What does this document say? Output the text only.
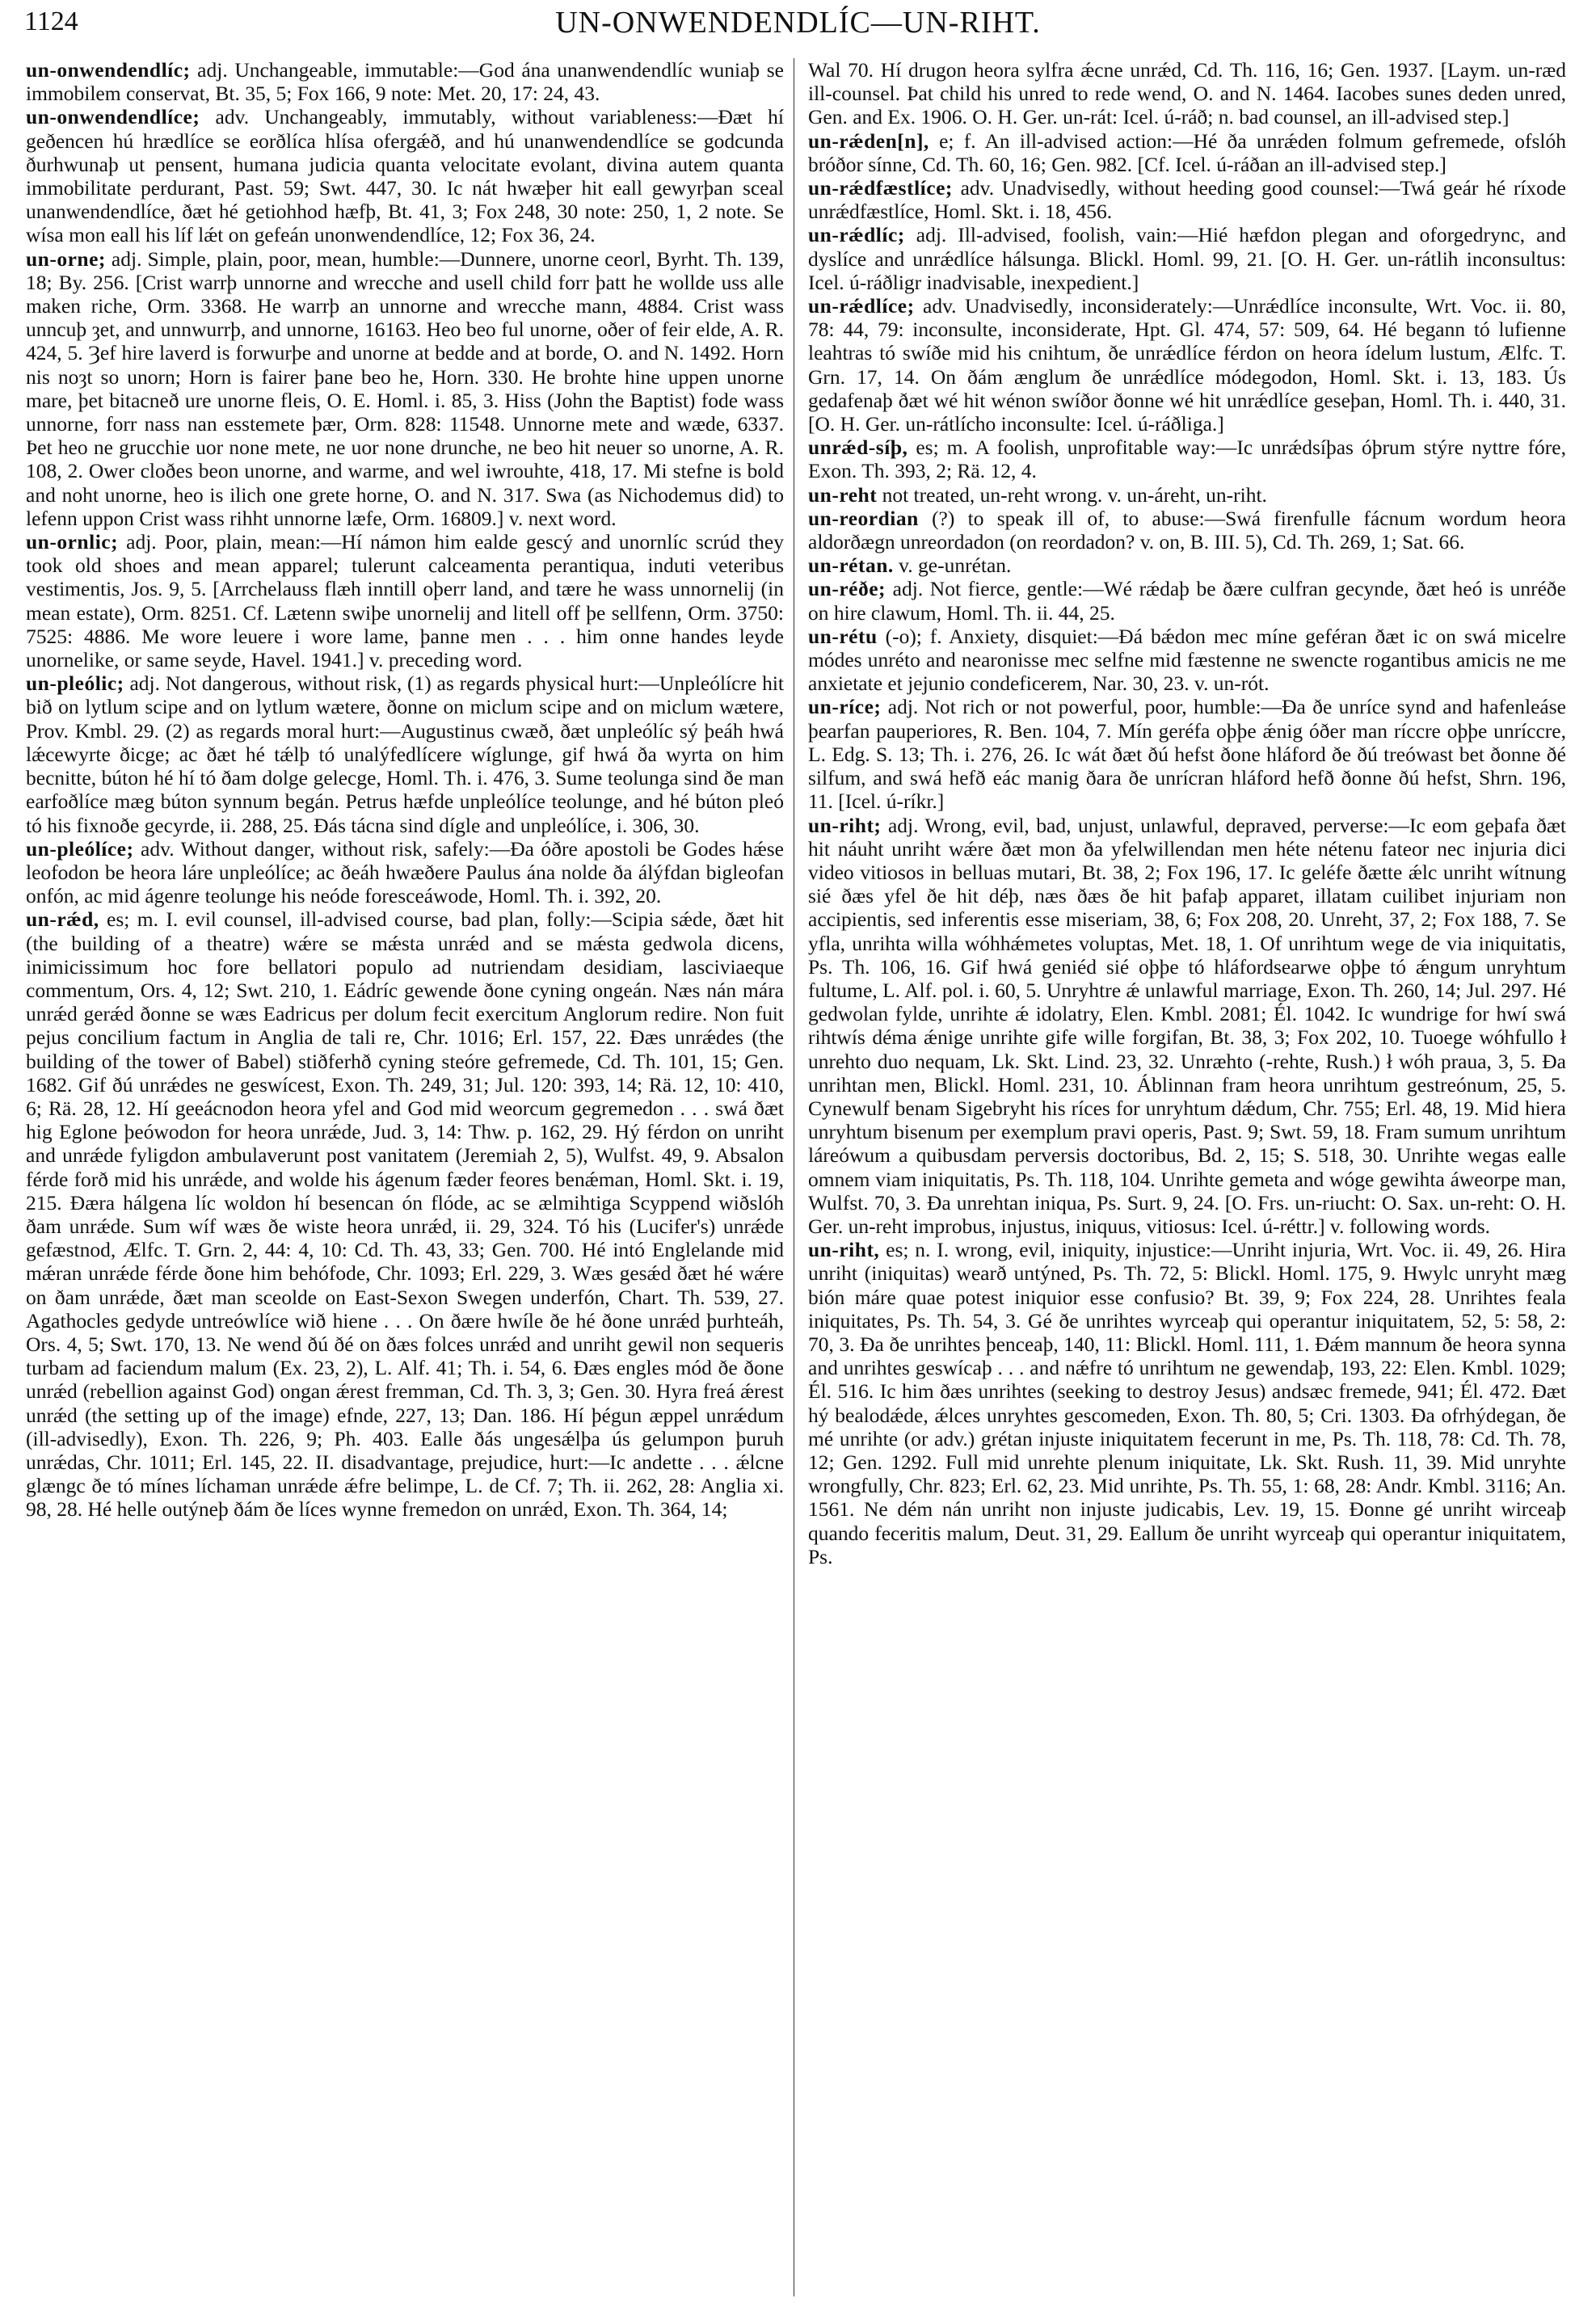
1124	UN-ONWENDENDLÍC—UN-RIHT.

un-onwendendlíc; adj. Unchangeable, immutable:—God ána unanwendendlíc wuniaþ se immobilem conservat, Bt. 35, 5; Fox 166, 9 note: Met. 20, 17: 24, 43.

un-onwendendlíce; adv. Unchangeably, immutably, without variableness:—Ðæt hí geðencen hú hrædlíce se eorðlíca hlísa ofergǽð, and hú unanwendendlíce se godcunda ðurhwunaþ ut pensent, humana judicia quanta velocitate evolant, divina autem quanta immobilitate perdurant, Past. 59; Swt. 447, 30. Ic nát hwæþer hit eall gewyrþan sceal unanwendendlíce, ðæt hé getiohhod hæfþ, Bt. 41, 3; Fox 248, 30 note: 250, 1, 2 note. Se wísa mon eall his líf lǽt on gefeán unonwendendlíce, 12; Fox 36, 24.

un-orne; adj. Simple, plain, poor, mean, humble:—Dunnere, unorne ceorl, Byrht. Th. 139, 18; By. 256. [Crist warrþ unnorne and wrecche and usell child forr þatt he wollde uss alle maken riche, Orm. 3368. He warrþ an unnorne and wrecche mann, 4884. Crist wass unncuþ ȝet, and unnwurrþ, and unnorne, 16163. Heo beo ful unorne, oðer of feir elde, A. R. 424, 5. Ȝef hire laverd is forwurþe and unorne at bedde and at borde, O. and N. 1492. Horn nis noȝt so unorn; Horn is fairer þane beo he, Horn. 330. He brohte hine uppen unorne mare, þet bitacneð ure unorne fleis, O. E. Homl. i. 85, 3. Hiss (John the Baptist) fode wass unnorne, forr nass nan esstemete þær, Orm. 828: 11548. Unnorne mete and wæde, 6337. Þet heo ne grucchie uor none mete, ne uor none drunche, ne beo hit neuer so unorne, A. R. 108, 2. Ower cloðes beon unorne, and warme, and wel iwrouhte, 418, 17. Mi stefne is bold and noht unorne, heo is ilich one grete horne, O. and N. 317. Swa (as Nichodemus did) to lefenn uppon Crist wass rihht unnorne læfe, Orm. 16809.] v. next word.

un-ornlic; adj. Poor, plain, mean:—Hí námon him ealde gescý and unornlíc scrúd they took old shoes and mean apparel; tulerunt calceamenta perantiqua, induti veteribus vestimentis, Jos. 9, 5. [Arrchelauss flæh inntill oþerr land, and tære he wass unnornelij (in mean estate), Orm. 8251. Cf. Lætenn swiþe unornelij and litell off þe sellfenn, Orm. 3750: 7525: 4886. Me wore leuere i wore lame, þanne men . . . him onne handes leyde unornelike, or same seyde, Havel. 1941.] v. preceding word.

un-pleólic; adj. Not dangerous, without risk, (1) as regards physical hurt:—Unpleólícre hit bið on lytlum scipe and on lytlum wætere, ðonne on miclum scipe and on miclum wætere, Prov. Kmbl. 29. (2) as regards moral hurt:—Augustinus cwæð, ðæt unpleólíc sý þeáh hwá lǽcewyrte ðicge; ac ðæt hé tǽlþ tó unalýfedlícere wíglunge, gif hwá ða wyrta on him becnitte, búton hé hí tó ðam dolge gelecge, Homl. Th. i. 476, 3. Sume teolunga sind ðe man earfoðlíce mæg búton synnum begán. Petrus hæfde unpleólíce teolunge, and hé búton pleó tó his fixnoðe gecyrde, ii. 288, 25. Ðás tácna sind dígle and unpleólíce, i. 306, 30.

un-pleólíce; adv. Without danger, without risk, safely:—Ða óðre apostoli be Godes hǽse leofodon be heora láre unpleólíce; ac ðeáh hwæðere Paulus ána nolde ða álýfdan bigleofan onfón, ac mid ágenre teolunge his neóde foresceáwode, Homl. Th. i. 392, 20.

un-rǽd, es; m. I. evil counsel, ill-advised course, bad plan, folly:—Scipia sǽde, ðæt hit (the building of a theatre) wǽre se mǽsta unrǽd and se mǽsta gedwola dicens, inimicissimum hoc fore bellatori populo ad nutriendam desidiam, lasciviaeque commentum, Ors. 4, 12; Swt. 210, 1. Eádríc gewende ðone cyning ongeán. Næs nán mára unrǽd gerǽd ðonne se wæs Eadricus per dolum fecit exercitum Anglorum redire. Non fuit pejus concilium factum in Anglia de tali re, Chr. 1016; Erl. 157, 22. Ðæs unrǽdes (the building of the tower of Babel) stiðferhð cyning steóre gefremede, Cd. Th. 101, 15; Gen. 1682. Gif ðú unrǽdes ne geswícest, Exon. Th. 249, 31; Jul. 120: 393, 14; Rä. 12, 10: 410, 6; Rä. 28, 12. Hí geeácnodon heora yfel and God mid weorcum gegremedon . . . swá ðæt hig Eglone þeówodon for heora unrǽde, Jud. 3, 14: Thw. p. 162, 29. Hý férdon on unriht and unrǽde fyligdon ambulaverunt post vanitatem (Jeremiah 2, 5), Wulfst. 49, 9. Absalon férde forð mid his unrǽde, and wolde his ágenum fæder feores benǽman, Homl. Skt. i. 19, 215. Ðæra hálgena líc woldon hí besencan ón flóde, ac se ælmihtiga Scyppend wiðslóh ðam unrǽde. Sum wíf wæs ðe wiste heora unrǽd, ii. 29, 324. Tó his (Lucifer's) unrǽde gefæstnod, Ælfc. T. Grn. 2, 44: 4, 10: Cd. Th. 43, 33; Gen. 700. Hé intó Englelande mid mǽran unrǽde férde ðone him behófode, Chr. 1093; Erl. 229, 3. Wæs gesǽd ðæt hé wǽre on ðam unrǽde, ðæt man sceolde on East-Sexon Swegen underfón, Chart. Th. 539, 27. Agathocles gedyde untreówlíce wið hiene . . . On ðære hwíle ðe hé ðone unrǽd þurhteáh, Ors. 4, 5; Swt. 170, 13. Ne wend ðú ðé on ðæs folces unrǽd and unriht gewil non sequeris turbam ad faciendum malum (Ex. 23, 2), L. Alf. 41; Th. i. 54, 6. Ðæs engles mód ðe ðone unrǽd (rebellion against God) ongan ǽrest fremman, Cd. Th. 3, 3; Gen. 30. Hyra freá ǽrest unrǽd (the setting up of the image) efnde, 227, 13; Dan. 186. Hí þégun æppel unrǽdum (ill-advisedly), Exon. Th. 226, 9; Ph. 403. Ealle ðás ungesǽlþa ús gelumpon þuruh unrǽdas, Chr. 1011; Erl. 145, 22. II. disadvantage, prejudice, hurt:—Ic andette . . . ǽlcne glængc ðe tó mínes líchaman unrǽde ǽfre belimpe, L. de Cf. 7; Th. ii. 262, 28: Anglia xi. 98, 28. Hé helle outýneþ ðám ðe líces wynne fremedon on unrǽd, Exon. Th. 364, 14;

Wal 70. Hí drugon heora sylfra ǽcne unrǽd, Cd. Th. 116, 16; Gen. 1937. [Laym. un-ræd ill-counsel. Þat child his unred to rede wend, O. and N. 1464. Iacobes sunes deden unred, Gen. and Ex. 1906. O. H. Ger. un-rát: Icel. ú-ráð; n. bad counsel, an ill-advised step.]

un-rǽden[n], e; f. An ill-advised action:—Hé ða unrǽden folmum gefremede, ofslóh bróðor sínne, Cd. Th. 60, 16; Gen. 982. [Cf. Icel. ú-ráðan an ill-advised step.]

un-rǽdfæstlíce; adv. Unadvisedly, without heeding good counsel:—Twá geár hé ríxode unrǽdfæstlíce, Homl. Skt. i. 18, 456.

un-rǽdlíc; adj. Ill-advised, foolish, vain:—Hié hæfdon plegan and oforgedrync, and dyslíce and unrǽdlíce hálsunga. Blickl. Homl. 99, 21. [O. H. Ger. un-rátlih inconsultus: Icel. ú-ráðligr inadvisable, inexpedient.]

un-rǽdlíce; adv. Unadvisedly, inconsiderately:—Unrǽdlíce inconsulte, Wrt. Voc. ii. 80, 78: 44, 79: inconsulte, inconsiderate, Hpt. Gl. 474, 57: 509, 64. Hé begann tó lufienne leahtras tó swíðe mid his cnihtum, ðe unrǽdlíce férdon on heora ídelum lustum, Ælfc. T. Grn. 17, 14. On ðám ænglum ðe unrǽdlíce módegodon, Homl. Skt. i. 13, 183. Ús gedafenaþ ðæt wé hit wénon swíðor ðonne wé hit unrǽdlíce geseþan, Homl. Th. i. 440, 31. [O. H. Ger. un-rátlícho inconsulte: Icel. ú-ráðliga.]

unrǽd-síþ, es; m. A foolish, unprofitable way:—Ic unrǽdsíþas óþrum stýre nyttre fóre, Exon. Th. 393, 2; Rä. 12, 4.

un-reht not treated, un-reht wrong. v. un-áreht, un-riht.

un-reordian (?) to speak ill of, to abuse:—Swá firenfulle fácnum wordum heora aldorðægn unreordadon (on reordadon? v. on, B. III. 5), Cd. Th. 269, 1; Sat. 66.

un-rétan. v. ge-unrétan.

un-réðe; adj. Not fierce, gentle:—Wé rǽdaþ be ðære culfran gecynde, ðæt heó is unréðe on hire clawum, Homl. Th. ii. 44, 25.

un-rétu (-o); f. Anxiety, disquiet:—Ðá bǽdon mec míne geféran ðæt ic on swá micelre módes unréto and nearonisse mec selfne mid fæstenne ne swencte rogantibus amicis ne me anxietate et jejunio condeficerem, Nar. 30, 23. v. un-rót.

un-ríce; adj. Not rich or not powerful, poor, humble:—Ða ðe unríce synd and hafenleáse þearfan pauperiores, R. Ben. 104, 7. Mín geréfa oþþe ǽnig óðer man ríccre oþþe unríccre, L. Edg. S. 13; Th. i. 276, 26. Ic wát ðæt ðú hefst ðone hláford ðe ðú treówast bet ðonne ðé silfum, and swá hefð eác manig ðara ðe unrícran hláford hefð ðonne ðú hefst, Shrn. 196, 11. [Icel. ú-ríkr.]

un-riht; adj. Wrong, evil, bad, unjust, unlawful, depraved, perverse:—Ic eom geþafa ðæt hit náuht unriht wǽre ðæt mon ða yfelwillendan men héte nétenu fateor nec injuria dici video vitiosos in belluas mutari, Bt. 38, 2; Fox 196, 17. Ic geléfe ðætte ǽlc unriht wítnung sié ðæs yfel ðe hit déþ, næs ðæs ðe hit þafaþ apparet, illatam cuilibet injuriam non accipientis, sed inferentis esse miseriam, 38, 6; Fox 208, 20. Unreht, 37, 2; Fox 188, 7. Se yfla, unrihta willa wóhhǽmetes voluptas, Met. 18, 1. Of unrihtum wege de via iniquitatis, Ps. Th. 106, 16. Gif hwá geniéd sié oþþe tó hláfordsearwe oþþe tó ǽngum unryhtum fultume, L. Alf. pol. i. 60, 5. Unryhtre ǽ unlawful marriage, Exon. Th. 260, 14; Jul. 297. Hé gedwolan fylde, unrihte ǽ idolatry, Elen. Kmbl. 2081; Él. 1042. Ic wundrige for hwí swá rihtwís déma ǽnige unrihte gife wille forgifan, Bt. 38, 3; Fox 202, 10. Tuoege wóhfullo ł unrehto duo nequam, Lk. Skt. Lind. 23, 32. Unræhto (-rehte, Rush.) ł wóh praua, 3, 5. Ða unrihtan men, Blickl. Homl. 231, 10. Áblinnan fram heora unrihtum gestreónum, 25, 5. Cynewulf benam Sigebryht his ríces for unryhtum dǽdum, Chr. 755; Erl. 48, 19. Mid hiera unryhtum bisenum per exemplum pravi operis, Past. 9; Swt. 59, 18. Fram sumum unrihtum láreówum a quibusdam perversis doctoribus, Bd. 2, 15; S. 518, 30. Unrihte wegas ealle omnem viam iniquitatis, Ps. Th. 118, 104. Unrihte gemeta and wóge gewihta áweorpe man, Wulfst. 70, 3. Ða unrehtan iniqua, Ps. Surt. 9, 24. [O. Frs. un-riucht: O. Sax. un-reht: O. H. Ger. un-reht improbus, injustus, iniquus, vitiosus: Icel. ú-réttr.] v. following words.

un-riht, es; n. I. wrong, evil, iniquity, injustice:—Unriht injuria, Wrt. Voc. ii. 49, 26. Hira unriht (iniquitas) wearð untýned, Ps. Th. 72, 5: Blickl. Homl. 175, 9. Hwylc unryht mæg bión máre quae potest iniquior esse confusio? Bt. 39, 9; Fox 224, 28. Unrihtes feala iniquitates, Ps. Th. 54, 3. Gé ðe unrihtes wyrceaþ qui operantur iniquitatem, 52, 5: 58, 2: 70, 3. Ða ðe unrihtes þenceaþ, 140, 11: Blickl. Homl. 111, 1. Ðǽm mannum ðe heora synna and unrihtes geswícaþ . . . and nǽfre tó unrihtum ne gewendaþ, 193, 22: Elen. Kmbl. 1029; Él. 516. Ic him ðæs unrihtes (seeking to destroy Jesus) andsæc fremede, 941; Él. 472. Ðæt hý bealodǽde, ǽlces unryhtes gescomeden, Exon. Th. 80, 5; Cri. 1303. Ða ofrhýdegan, ðe mé unrihte (or adv.) grétan injuste iniquitatem fecerunt in me, Ps. Th. 118, 78: Cd. Th. 78, 12; Gen. 1292. Full mid unrehte plenum iniquitate, Lk. Skt. Rush. 11, 39. Mid unryhte wrongfully, Chr. 823; Erl. 62, 23. Mid unrihte, Ps. Th. 55, 1: 68, 28: Andr. Kmbl. 3116; An. 1561. Ne dém nán unriht non injuste judicabis, Lev. 19, 15. Ðonne gé unriht wirceaþ quando feceritis malum, Deut. 31, 29. Eallum ðe unriht wyrceaþ qui operantur iniquitatem, Ps.
